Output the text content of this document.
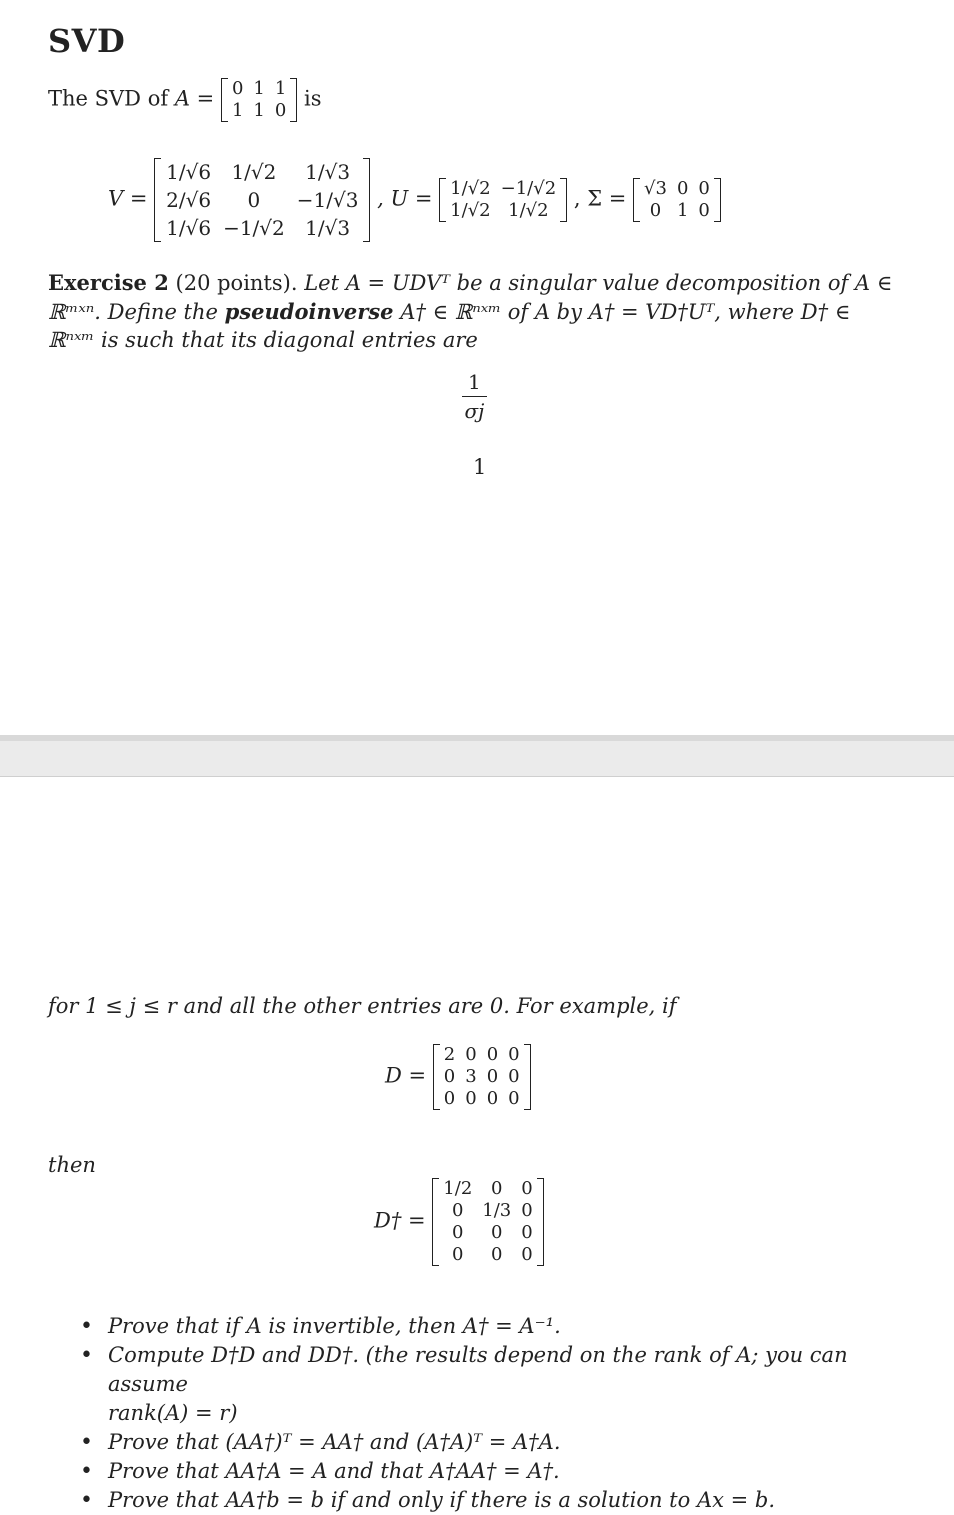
SVD
The SVD of A = 0	1	1
1	1	0 is
V =
1/√6	1/√2	1/√3
2/√6	0	−1/√3
1/√6	−1/√2	1/√3
, U = 1/√2	−1/√2
1/√2	1/√2 , Σ = √3	0	0
0	1	0
Exercise 2 (20 points). Let A = UDVᵀ be a singular value decomposition of A ∈
ℝᵐˣⁿ. Define the pseudoinverse A† ∈ ℝⁿˣᵐ of A by A† = VD†Uᵀ, where D† ∈
ℝⁿˣᵐ is such that its diagonal entries are
$\frac{1}{\sigma j}$
1
for 1 ≤ j ≤ r and all the other entries are 0. For example, if
D =
2	0	0	0
0	3	0	0
0	0	0	0
then
D† =
1/2	0	0
0	1/3	0
0	0	0
0	0	0
• Prove that if A is invertible, then A† = A⁻¹.
• Compute D†D and DD†. (the results depend on the rank of A; you can assume
rank(A) = r)
• Prove that (AA†)ᵀ = AA† and (A†A)ᵀ = A†A.
• Prove that AA†A = A and that A†AA† = A†.
• Prove that AA†b = b if and only if there is a solution to Ax = b.
